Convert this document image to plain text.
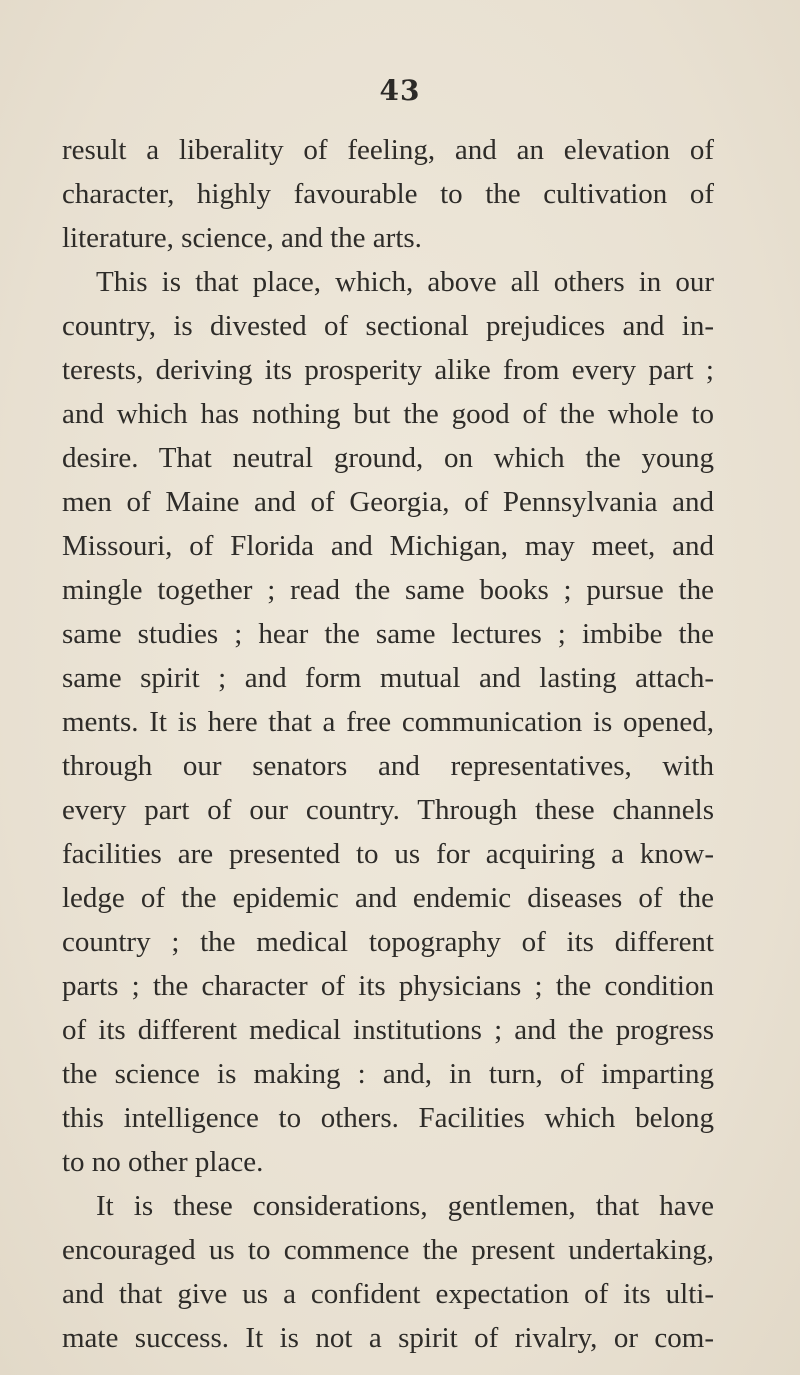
43
result a liberality of feeling, and an elevation of
character, highly favourable to the cultivation of
literature, science, and the arts.
This is that place, which, above all others in our
country, is divested of sectional prejudices and in-
terests, deriving its prosperity alike from every part ;
and which has nothing but the good of the whole to
desire. That neutral ground, on which the young
men of Maine and of Georgia, of Pennsylvania and
Missouri, of Florida and Michigan, may meet, and
mingle together ; read the same books ; pursue the
same studies ; hear the same lectures ; imbibe the
same spirit ; and form mutual and lasting attach-
ments. It is here that a free communication is opened,
through our senators and representatives, with
every part of our country. Through these channels
facilities are presented to us for acquiring a know-
ledge of the epidemic and endemic diseases of the
country ; the medical topography of its different
parts ; the character of its physicians ; the condition
of its different medical institutions ; and the progress
the science is making : and, in turn, of imparting
this intelligence to others. Facilities which belong
to no other place.
It is these considerations, gentlemen, that have
encouraged us to commence the present undertaking,
and that give us a confident expectation of its ulti-
mate success. It is not a spirit of rivalry, or com-
